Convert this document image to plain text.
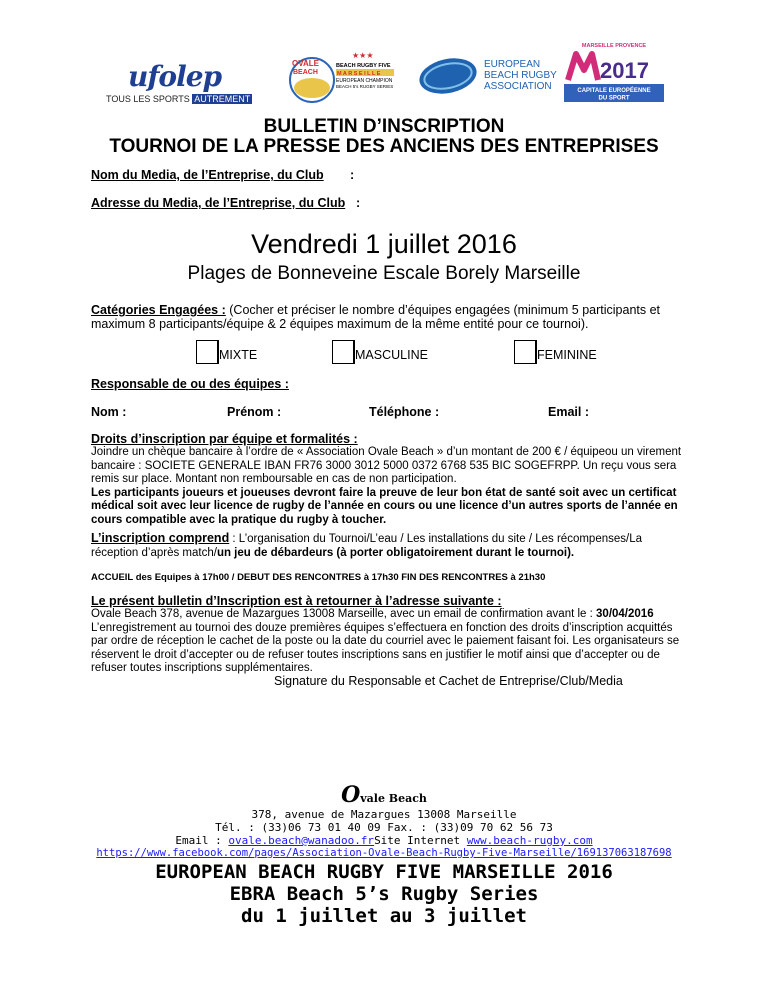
ufolep
TOUS LES SPORTS AUTREMENT
OVALE
BEACH
★★★
BEACH RUGBY FIVE
M A R S E I L L E
EUROPEAN CHAMPION
BEACH 5's RUGBY SERIES
EUROPEAN
BEACH RUGBY
ASSOCIATION
MARSEILLE PROVENCE
2017
CAPITALE EUROPÉENNE
DU SPORT
BULLETIN D’INSCRIPTION
TOURNOI DE LA PRESSE DES ANCIENS DES ENTREPRISES
Nom du Media, de l’Entreprise, du Club :
Adresse du Media, de l’Entreprise, du Club :
Vendredi 1 juillet 2016
Plages de Bonneveine Escale Borely Marseille
Catégories Engagées : (Cocher et préciser le nombre d’équipes engagées (minimum 5 participants et maximum 8 participants/équipe & 2 équipes maximum de la même entité pour ce tournoi).
MIXTE	MASCULINE	FEMININE
Responsable de ou des équipes :
Nom :	Prénom :	Téléphone :	Email :
Droits d’inscription par équipe et formalités :
Joindre un chèque bancaire à l’ordre de « Association Ovale Beach » d’un montant de 200 € / équipeou un virement bancaire : SOCIETE GENERALE IBAN FR76 3000 3012 5000 0372 6768 535 BIC SOGEFRPP. Un reçu vous sera remis sur place. Montant non remboursable en cas de non participation.
Les participants joueurs et joueuses devront faire la preuve de leur bon état de santé soit avec un certificat médical soit avec leur licence de rugby de l’année en cours ou une licence d’un autres sports de l’année en cours compatible avec la pratique du rugby à toucher.
L’inscription comprend : L’organisation du Tournoi/L’eau / Les installations du site / Les récompenses/La réception d’après match/un jeu de débardeurs (à porter obligatoirement durant le tournoi).
ACCUEIL des Equipes à 17h00 / DEBUT DES RENCONTRES à 17h30 FIN DES RENCONTRES à 21h30
Le présent bulletin d’Inscription est à retourner à l’adresse suivante :
Ovale Beach 378, avenue de Mazargues 13008 Marseille, avec un email de confirmation avant le : 30/04/2016
L’enregistrement au tournoi des douze premières équipes s’effectuera en fonction des droits d’inscription acquittés par ordre de réception le cachet de la poste ou la date du courriel avec le paiement faisant foi. Les organisateurs se réservent le droit d’accepter ou de refuser toutes inscriptions sans en justifier le motif ainsi que d’accepter ou de refuser toutes inscriptions supplémentaires.
Signature du Responsable et Cachet de Entreprise/Club/Media
Ovale Beach
378, avenue de Mazargues 13008 Marseille
Tél. : (33)06 73 01 40 09 Fax. : (33)09 70 62 56 73
Email : ovale.beach@wanadoo.frSite Internet www.beach-rugby.com
https://www.facebook.com/pages/Association-Ovale-Beach-Rugby-Five-Marseille/169137063187698
EUROPEAN BEACH RUGBY FIVE MARSEILLE 2016
EBRA Beach 5’s Rugby Series
du 1 juillet au 3 juillet
